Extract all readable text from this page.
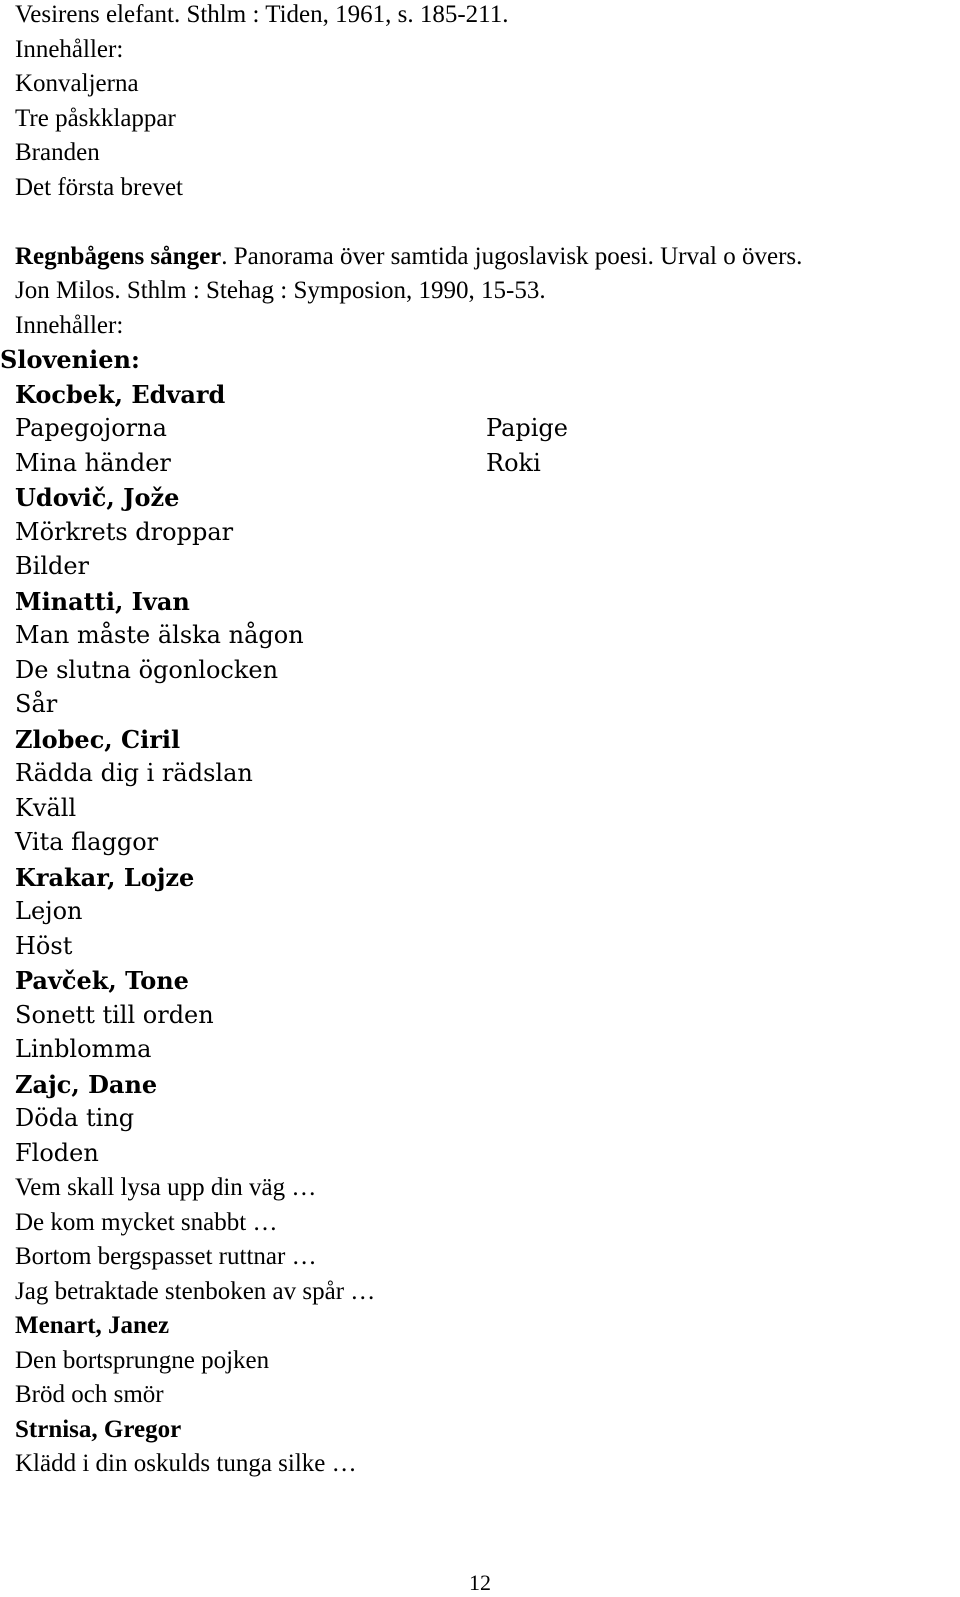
Vesirens elefant. Sthlm : Tiden, 1961, s. 185-211.
Innehåller:
Konvaljerna
Tre påskklappar
Branden
Det första brevet
Regnbågens sånger. Panorama över samtida jugoslavisk poesi. Urval o övers.
Jon Milos. Sthlm : Stehag : Symposion, 1990, 15-53.
Innehåller:
Slovenien:
Kocbek, Edvard
Papegojorna	Papige
Mina händer	Roki
Udovič, Jože
Mörkrets droppar
Bilder
Minatti, Ivan
Man måste älska någon
De slutna ögonlocken
Sår
Zlobec, Ciril
Rädda dig i rädslan
Kväll
Vita flaggor
Krakar, Lojze
Lejon
Höst
Pavček, Tone
Sonett till orden
Linblomma
Zajc, Dane
Döda ting
Floden
Vem skall lysa upp din väg …
De kom mycket snabbt …
Bortom bergspasset ruttnar …
Jag betraktade stenboken av spår …
Menart, Janez
Den bortsprungne pojken
Bröd och smör
Strnisa, Gregor
Klädd i din oskulds tunga silke …
12
